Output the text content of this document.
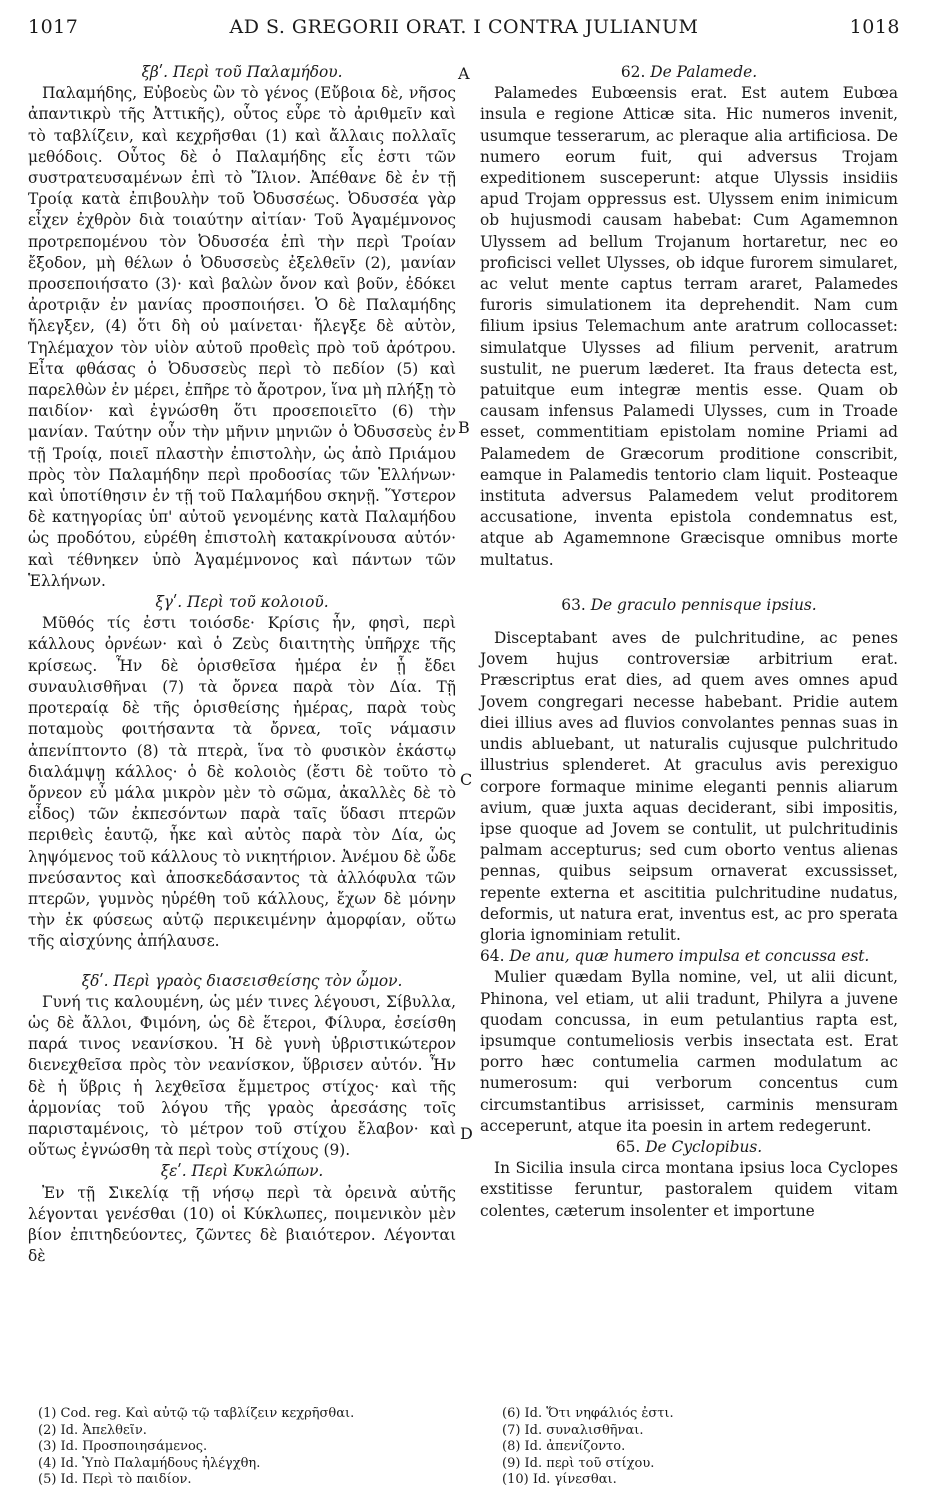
1017	AD S. GREGORII ORAT. I CONTRA JULIANUM	1018
A
B
C
D
ξβʹ. Περὶ τοῦ Παλαμήδου.

Παλαμήδης, Εὐβοεὺς ὢν τὸ γένος (Εὔβοια δὲ, νῆσος ἀπαντικρὺ τῆς Ἀττικῆς), οὗτος εὗρε τὸ ἀριθμεῖν καὶ τὸ ταβλίζειν, καὶ κεχρῆσθαι (1) καὶ ἄλλαις πολλαῖς μεθόδοις. Οὗτος δὲ ὁ Παλαμήδης εἷς ἐστι τῶν συστρατευσαμένων ἐπὶ τὸ Ἴλιον. Ἀπέθανε δὲ ἐν τῇ Τροίᾳ κατὰ ἐπιβουλὴν τοῦ Ὀδυσσέως. Ὀδυσσέα γὰρ εἶχεν ἐχθρὸν διὰ τοιαύτην αἰτίαν· Τοῦ Ἀγαμέμνονος προτρεπομένου τὸν Ὀδυσσέα ἐπὶ τὴν περὶ Τροίαν ἔξοδον, μὴ θέλων ὁ Ὀδυσσεὺς ἐξελθεῖν (2), μανίαν προσεποιήσατο (3)· καὶ βαλὼν ὄνον καὶ βοῦν, ἐδόκει ἀροτριᾷν ἐν μανίας προσποιήσει. Ὁ δὲ Παλαμήδης ἤλεγξεν, (4) ὅτι δὴ οὐ μαίνεται· ἤλεγξε δὲ αὐτὸν, Τηλέμαχον τὸν υἱὸν αὐτοῦ προθεὶς πρὸ τοῦ ἀρότρου. Εἶτα φθάσας ὁ Ὀδυσσεὺς περὶ τὸ πεδίον (5) καὶ παρελθὼν ἐν μέρει, ἐπῆρε τὸ ἄροτρον, ἵνα μὴ πλήξῃ τὸ παιδίον· καὶ ἐγνώσθη ὅτι προσεποιεῖτο (6) τὴν μανίαν. Ταύτην οὖν τὴν μῆνιν μηνιῶν ὁ Ὀδυσσεὺς ἐν τῇ Τροίᾳ, ποιεῖ πλαστὴν ἐπιστολὴν, ὡς ἀπὸ Πριάμου πρὸς τὸν Παλαμήδην περὶ προδοσίας τῶν Ἑλλήνων· καὶ ὑποτίθησιν ἐν τῇ τοῦ Παλαμήδου σκηνῇ. Ὕστερον δὲ κατηγορίας ὑπ' αὐτοῦ γενομένης κατὰ Παλαμήδου ὡς προδότου, εὑρέθη ἐπιστολὴ κατακρίνουσα αὐτόν· καὶ τέθνηκεν ὑπὸ Ἀγαμέμνονος καὶ πάντων τῶν Ἑλλήνων.

ξγʹ. Περὶ τοῦ κολοιοῦ.

Μῦθός τίς ἐστι τοιόσδε· Κρίσις ἦν, φησὶ, περὶ κάλλους ὀρνέων· καὶ ὁ Ζεὺς διαιτητὴς ὑπῆρχε τῆς κρίσεως. Ἦν δὲ ὁρισθεῖσα ἡμέρα ἐν ᾗ ἔδει συναυλισθῆναι (7) τὰ ὄρνεα παρὰ τὸν Δία. Τῇ προτεραίᾳ δὲ τῆς ὁρισθείσης ἡμέρας, παρὰ τοὺς ποταμοὺς φοιτήσαντα τὰ ὄρνεα, τοῖς νάμασιν ἀπενίπτοντο (8) τὰ πτερὰ, ἵνα τὸ φυσικὸν ἑκάστῳ διαλάμψῃ κάλλος· ὁ δὲ κολοιὸς (ἔστι δὲ τοῦτο τὸ ὄρνεον εὖ μάλα μικρὸν μὲν τὸ σῶμα, ἀκαλλὲς δὲ τὸ εἶδος) τῶν ἐκπεσόντων παρὰ ταῖς ὕδασι πτερῶν περιθεὶς ἑαυτῷ, ἧκε καὶ αὐτὸς παρὰ τὸν Δία, ὡς ληψόμενος τοῦ κάλλους τὸ νικητήριον. Ἀνέμου δὲ ὧδε πνεύσαντος καὶ ἀποσκεδάσαντος τὰ ἀλλόφυλα τῶν πτερῶν, γυμνὸς ηὑρέθη τοῦ κάλλους, ἔχων δὲ μόνην τὴν ἐκ φύσεως αὐτῷ περικειμένην ἀμορφίαν, οὕτω τῆς αἰσχύνης ἀπήλαυσε.

ξδʹ. Περὶ γραὸς διασεισθείσης τὸν ὦμον.

Γυνή τις καλουμένη, ὡς μέν τινες λέγουσι, Σίβυλλα, ὡς δὲ ἄλλοι, Φιμόνη, ὡς δὲ ἕτεροι, Φίλυρα, ἐσείσθη παρά τινος νεανίσκου. Ἡ δὲ γυνὴ ὑβριστικώτερον διενεχθεῖσα πρὸς τὸν νεανίσκον, ὕβρισεν αὐτόν. Ἦν δὲ ἡ ὕβρις ἡ λεχθεῖσα ἔμμετρος στίχος· καὶ τῆς ἁρμονίας τοῦ λόγου τῆς γραὸς ἀρεσάσης τοῖς παρισταμένοις, τὸ μέτρον τοῦ στίχου ἔλαβον· καὶ οὕτως ἐγνώσθη τὰ περὶ τοὺς στίχους (9).

ξεʹ. Περὶ Κυκλώπων.

Ἐν τῇ Σικελίᾳ τῇ νήσῳ περὶ τὰ ὀρεινὰ αὐτῆς λέγονται γενέσθαι (10) οἱ Κύκλωπες, ποιμενικὸν μὲν βίον ἐπιτηδεύοντες, ζῶντες δὲ βιαιότερον. Λέγονται δὲ

62. De Palamede.

Palamedes Eubœensis erat. Est autem Eubœa insula e regione Atticæ sita. Hic numeros invenit, usumque tesserarum, ac pleraque alia artificiosa. De numero eorum fuit, qui adversus Trojam expeditionem susceperunt: atque Ulyssis insidiis apud Trojam oppressus est. Ulyssem enim inimicum ob hujusmodi causam habebat: Cum Agamemnon Ulyssem ad bellum Trojanum hortaretur, nec eo proficisci vellet Ulysses, ob idque furorem simularet, ac velut mente captus terram araret, Palamedes furoris simulationem ita deprehendit. Nam cum filium ipsius Telemachum ante aratrum collocasset: simulatque Ulysses ad filium pervenit, aratrum sustulit, ne puerum læderet. Ita fraus detecta est, patuitque eum integræ mentis esse. Quam ob causam infensus Palamedi Ulysses, cum in Troade esset, commentitiam epistolam nomine Priami ad Palamedem de Græcorum proditione conscribit, eamque in Palamedis tentorio clam liquit. Posteaque instituta adversus Palamedem velut proditorem accusatione, inventa epistola condemnatus est, atque ab Agamemnone Græcisque omnibus morte multatus.

63. De graculo pennisque ipsius.

Disceptabant aves de pulchritudine, ac penes Jovem hujus controversiæ arbitrium erat. Præscriptus erat dies, ad quem aves omnes apud Jovem congregari necesse habebant. Pridie autem diei illius aves ad fluvios convolantes pennas suas in undis abluebant, ut naturalis cujusque pulchritudo illustrius splenderet. At graculus avis perexiguo corpore formaque minime eleganti pennis aliarum avium, quæ juxta aquas deciderant, sibi impositis, ipse quoque ad Jovem se contulit, ut pulchritudinis palmam accepturus; sed cum oborto ventus alienas pennas, quibus seipsum ornaverat excussisset, repente externa et ascititia pulchritudine nudatus, deformis, ut natura erat, inventus est, ac pro sperata gloria ignominiam retulit.

64. De anu, quæ humero impulsa et concussa est.

Mulier quædam Bylla nomine, vel, ut alii dicunt, Phinona, vel etiam, ut alii tradunt, Philyra a juvene quodam concussa, in eum petulantius rapta est, ipsumque contumeliosis verbis insectata est. Erat porro hæc contumelia carmen modulatum ac numerosum: qui verborum concentus cum circumstantibus arrisisset, carminis mensuram acceperunt, atque ita poesin in artem redegerunt.

65. De Cyclopibus.

In Sicilia insula circa montana ipsius loca Cyclopes exstitisse feruntur, pastoralem quidem vitam colentes, cæterum insolenter et importune

(1) Cod. reg. Καὶ αὐτῷ τῷ ταβλίζειν κεχρῆσθαι.
(2) Id. Ἀπελθεῖν.
(3) Id. Προσποιησάμενος.
(4) Id. Ὑπὸ Παλαμήδους ἠλέγχθη.
(5) Id. Περὶ τὸ παιδίον.
(6) Id. Ὅτι νηφάλιός ἐστι.
(7) Id. συναλισθῆναι.
(8) Id. ἀπενίζοντο.
(9) Id. περὶ τοῦ στίχου.
(10) Id. γίνεσθαι.
